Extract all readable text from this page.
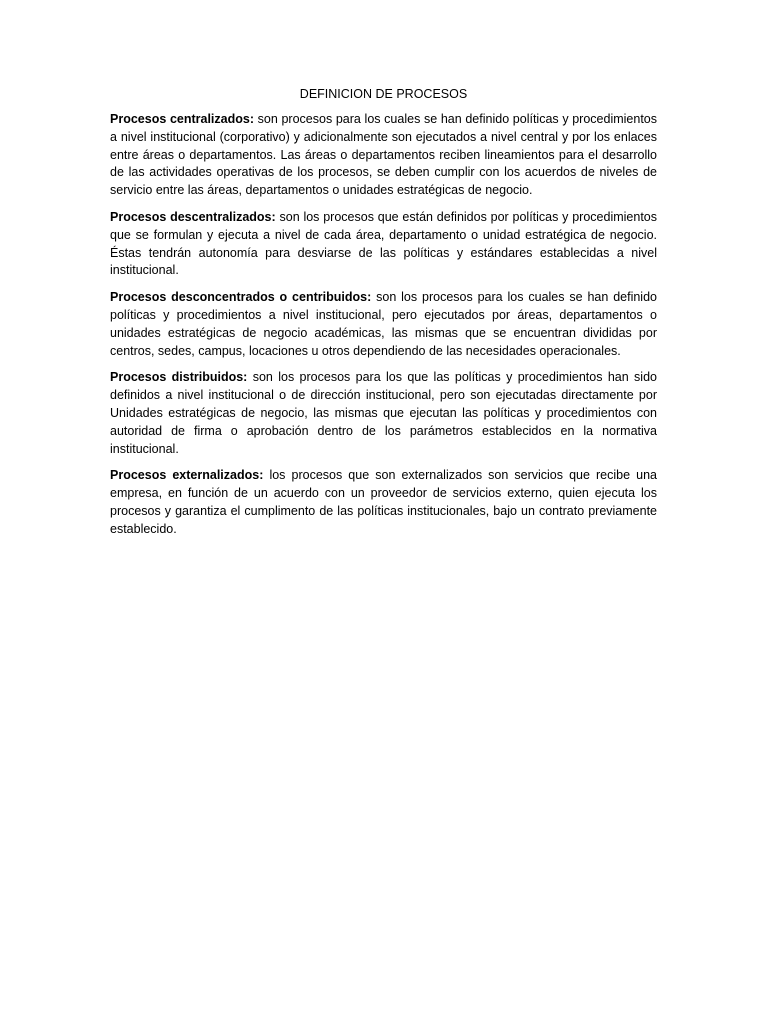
DEFINICION DE PROCESOS

Procesos centralizados: son procesos para los cuales se han definido políticas y procedimientos a nivel institucional (corporativo) y adicionalmente son ejecutados a nivel central y por los enlaces entre áreas o departamentos. Las áreas o departamentos reciben lineamientos para el desarrollo de las actividades operativas de los procesos, se deben cumplir con los acuerdos de niveles de servicio entre las áreas, departamentos o unidades estratégicas de negocio.

Procesos descentralizados: son los procesos que están definidos por políticas y procedimientos que se formulan y ejecuta a nivel de cada área, departamento o unidad estratégica de negocio. Éstas tendrán autonomía para desviarse de las políticas y estándares establecidas a nivel institucional.

Procesos desconcentrados o centribuidos: son los procesos para los cuales se han definido políticas y procedimientos a nivel institucional, pero ejecutados por áreas, departamentos o unidades estratégicas de negocio académicas, las mismas que se encuentran divididas por centros, sedes, campus, locaciones u otros dependiendo de las necesidades operacionales.

Procesos distribuidos: son los procesos para los que las políticas y procedimientos han sido definidos a nivel institucional o de dirección institucional, pero son ejecutadas directamente por Unidades estratégicas de negocio, las mismas que ejecutan las políticas y procedimientos con autoridad de firma o aprobación dentro de los parámetros establecidos en la normativa institucional.

Procesos externalizados: los procesos que son externalizados son servicios que recibe una empresa, en función de un acuerdo con un proveedor de servicios externo, quien ejecuta los procesos y garantiza el cumplimento de las políticas institucionales, bajo un contrato previamente establecido.
